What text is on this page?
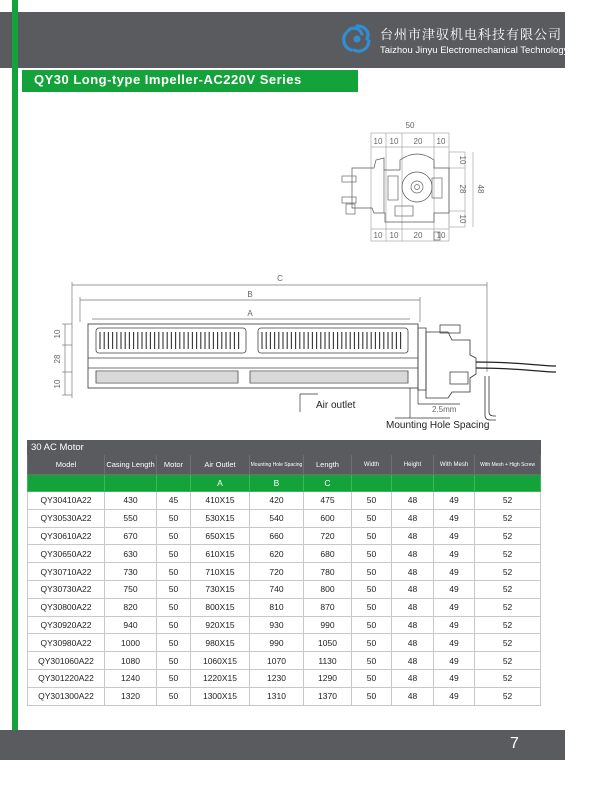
台州市津驭机电科技有限公司
Taizhou Jinyu Electromechanical Technology Co., Ltd.
QY30 Long-type Impeller-AC220V Series
50
10 10 20 10
10 10 20 10
10
28
10
48
C
B
A
10
28
10
Air outlet	2.5mm
Mounting Hole Spacing
30 AC Motor									
Model	Casing Length	Motor	Air Outlet	Mounting Hole Spacing	Length	Width	Height	With Mesh	With Mesh + High Screw
			A	B	C				
QY30410A22	430	45	410X15	420	475	50	48	49	52
QY30530A22	550	50	530X15	540	600	50	48	49	52
QY30610A22	670	50	650X15	660	720	50	48	49	52
QY30650A22	630	50	610X15	620	680	50	48	49	52
QY30710A22	730	50	710X15	720	780	50	48	49	52
QY30730A22	750	50	730X15	740	800	50	48	49	52
QY30800A22	820	50	800X15	810	870	50	48	49	52
QY30920A22	940	50	920X15	930	990	50	48	49	52
QY30980A22	1000	50	980X15	990	1050	50	48	49	52
QY301060A22	1080	50	1060X15	1070	1130	50	48	49	52
QY301220A22	1240	50	1220X15	1230	1290	50	48	49	52
QY301300A22	1320	50	1300X15	1310	1370	50	48	49	52
7
